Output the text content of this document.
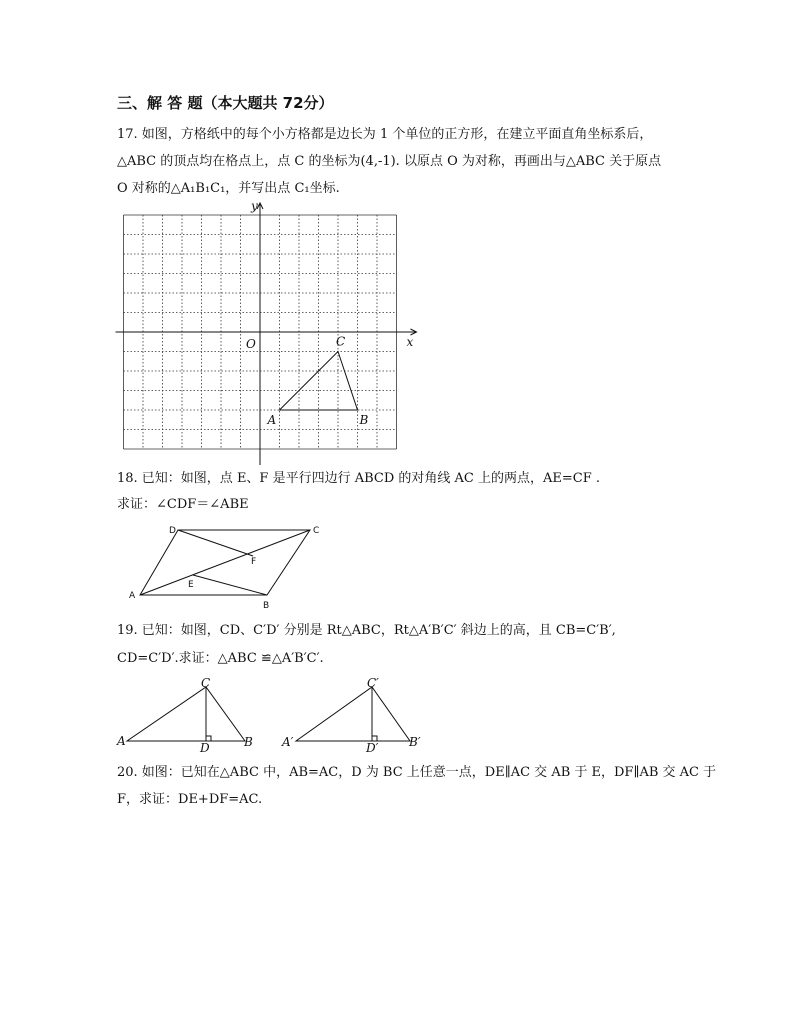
三、解 答 题（本大题共 72分）
17. 如图，方格纸中的每个小方格都是边长为 1 个单位的正方形，在建立平面直角坐标系后，
△ABC 的顶点均在格点上，点 C 的坐标为(4,-1). 以原点 O 为对称，再画出与△ABC 关于原点
O 对称的△A₁B₁C₁，并写出点 C₁坐标.
x
y
O
A	B
C
18. 已知：如图，点 E、F 是平行四边行 ABCD 的对角线 AC 上的两点，AE=CF .
求证：∠CDF＝∠ABE
A
B
C
D
E
F
19. 已知：如图，CD、C′D′ 分别是 Rt△ABC，Rt△A′B′C′ 斜边上的高，且 CB=C′B′,
CD=C′D′.求证：△ABC ≌△A′B′C′.
A	B
C
D	A′	B′
C′
D′
20. 如图：已知在△ABC 中，AB=AC，D 为 BC 上任意一点，DE∥AC 交 AB 于 E，DF∥AB 交 AC 于
F，求证：DE+DF=AC.
